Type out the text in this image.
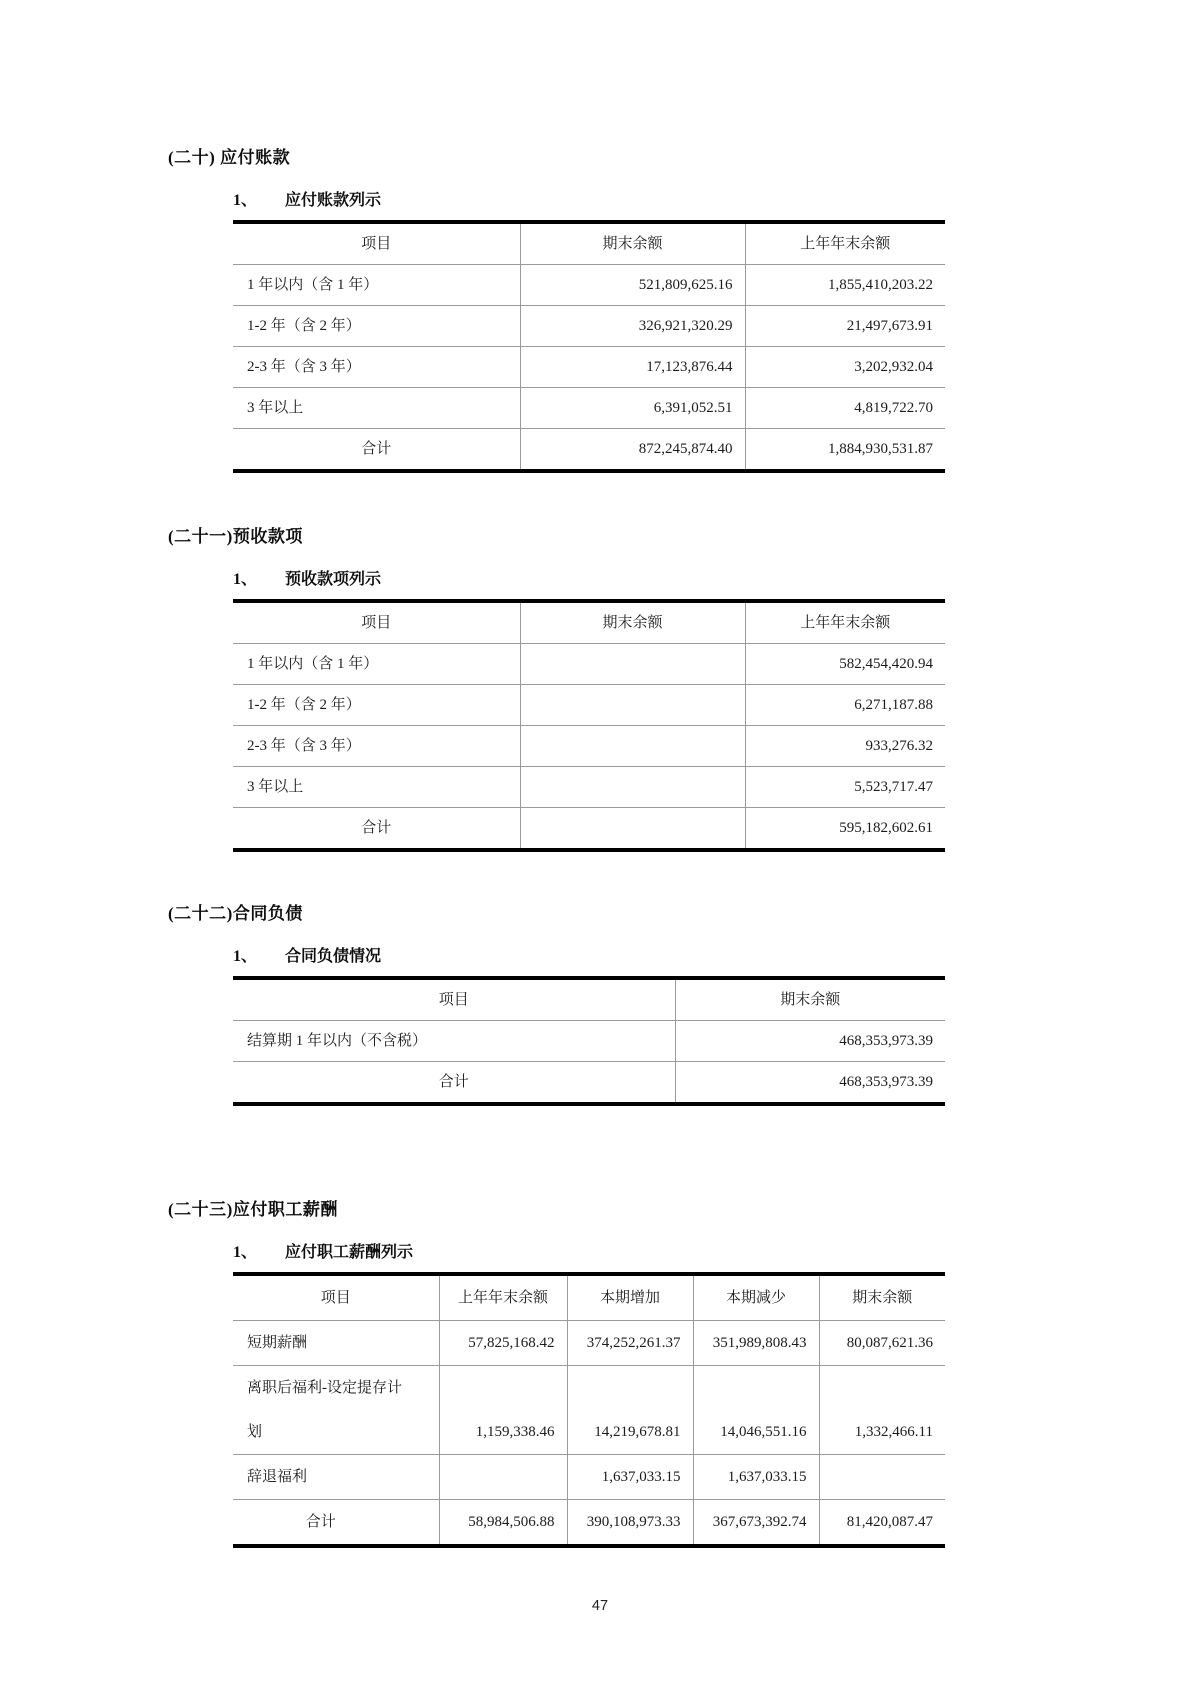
(二十) 应付账款
1、 应付账款列示
项目	期末余额	上年年末余额
1 年以内（含 1 年）	521,809,625.16	1,855,410,203.22
1-2 年（含 2 年）	326,921,320.29	21,497,673.91
2-3 年（含 3 年）	17,123,876.44	3,202,932.04
3 年以上	6,391,052.51	4,819,722.70
合计	872,245,874.40	1,884,930,531.87
(二十一)预收款项
1、 预收款项列示
项目	期末余额	上年年末余额
1 年以内（含 1 年）		582,454,420.94
1-2 年（含 2 年）		6,271,187.88
2-3 年（含 3 年）		933,276.32
3 年以上		5,523,717.47
合计		595,182,602.61
(二十二)合同负债
1、 合同负债情况
项目	期末余额
结算期 1 年以内（不含税）	468,353,973.39
合计	468,353,973.39
(二十三)应付职工薪酬
1、 应付职工薪酬列示
项目	上年年末余额	本期增加	本期减少	期末余额
短期薪酬	57,825,168.42	374,252,261.37	351,989,808.43	80,087,621.36
离职后福利-设定提存计划	1,159,338.46	14,219,678.81	14,046,551.16	1,332,466.11
辞退福利		1,637,033.15	1,637,033.15	
合计	58,984,506.88	390,108,973.33	367,673,392.74	81,420,087.47
47
